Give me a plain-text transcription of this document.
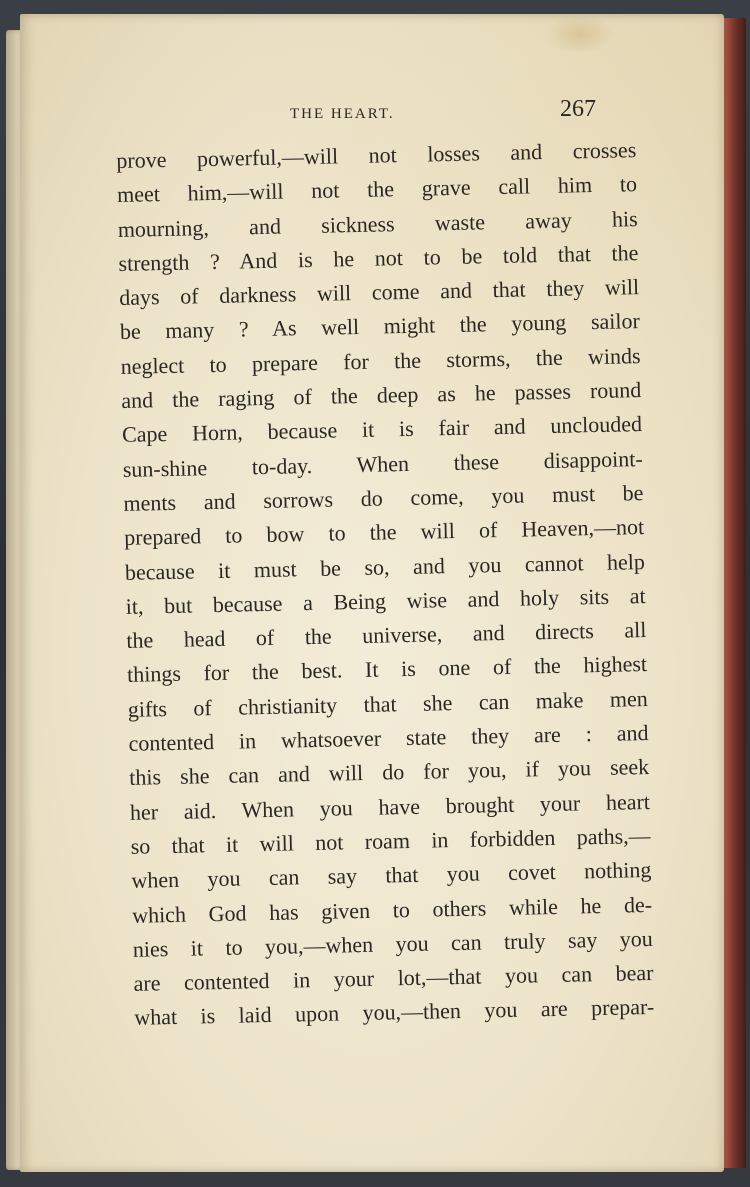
THE HEART.	267
prove powerful,—will not losses and crosses
meet him,—will not the grave call him to
mourning, and sickness waste away his
strength ? And is he not to be told that the
days of darkness will come and that they will
be many ? As well might the young sailor
neglect to prepare for the storms, the winds
and the raging of the deep as he passes round
Cape Horn, because it is fair and unclouded
sun-shine to-day. When these disappoint-
ments and sorrows do come, you must be
prepared to bow to the will of Heaven,—not
because it must be so, and you cannot help
it, but because a Being wise and holy sits at
the head of the universe, and directs all
things for the best. It is one of the highest
gifts of christianity that she can make men
contented in whatsoever state they are : and
this she can and will do for you, if you seek
her aid. When you have brought your heart
so that it will not roam in forbidden paths,—
when you can say that you covet nothing
which God has given to others while he de-
nies it to you,—when you can truly say you
are contented in your lot,—that you can bear
what is laid upon you,—then you are prepar-
